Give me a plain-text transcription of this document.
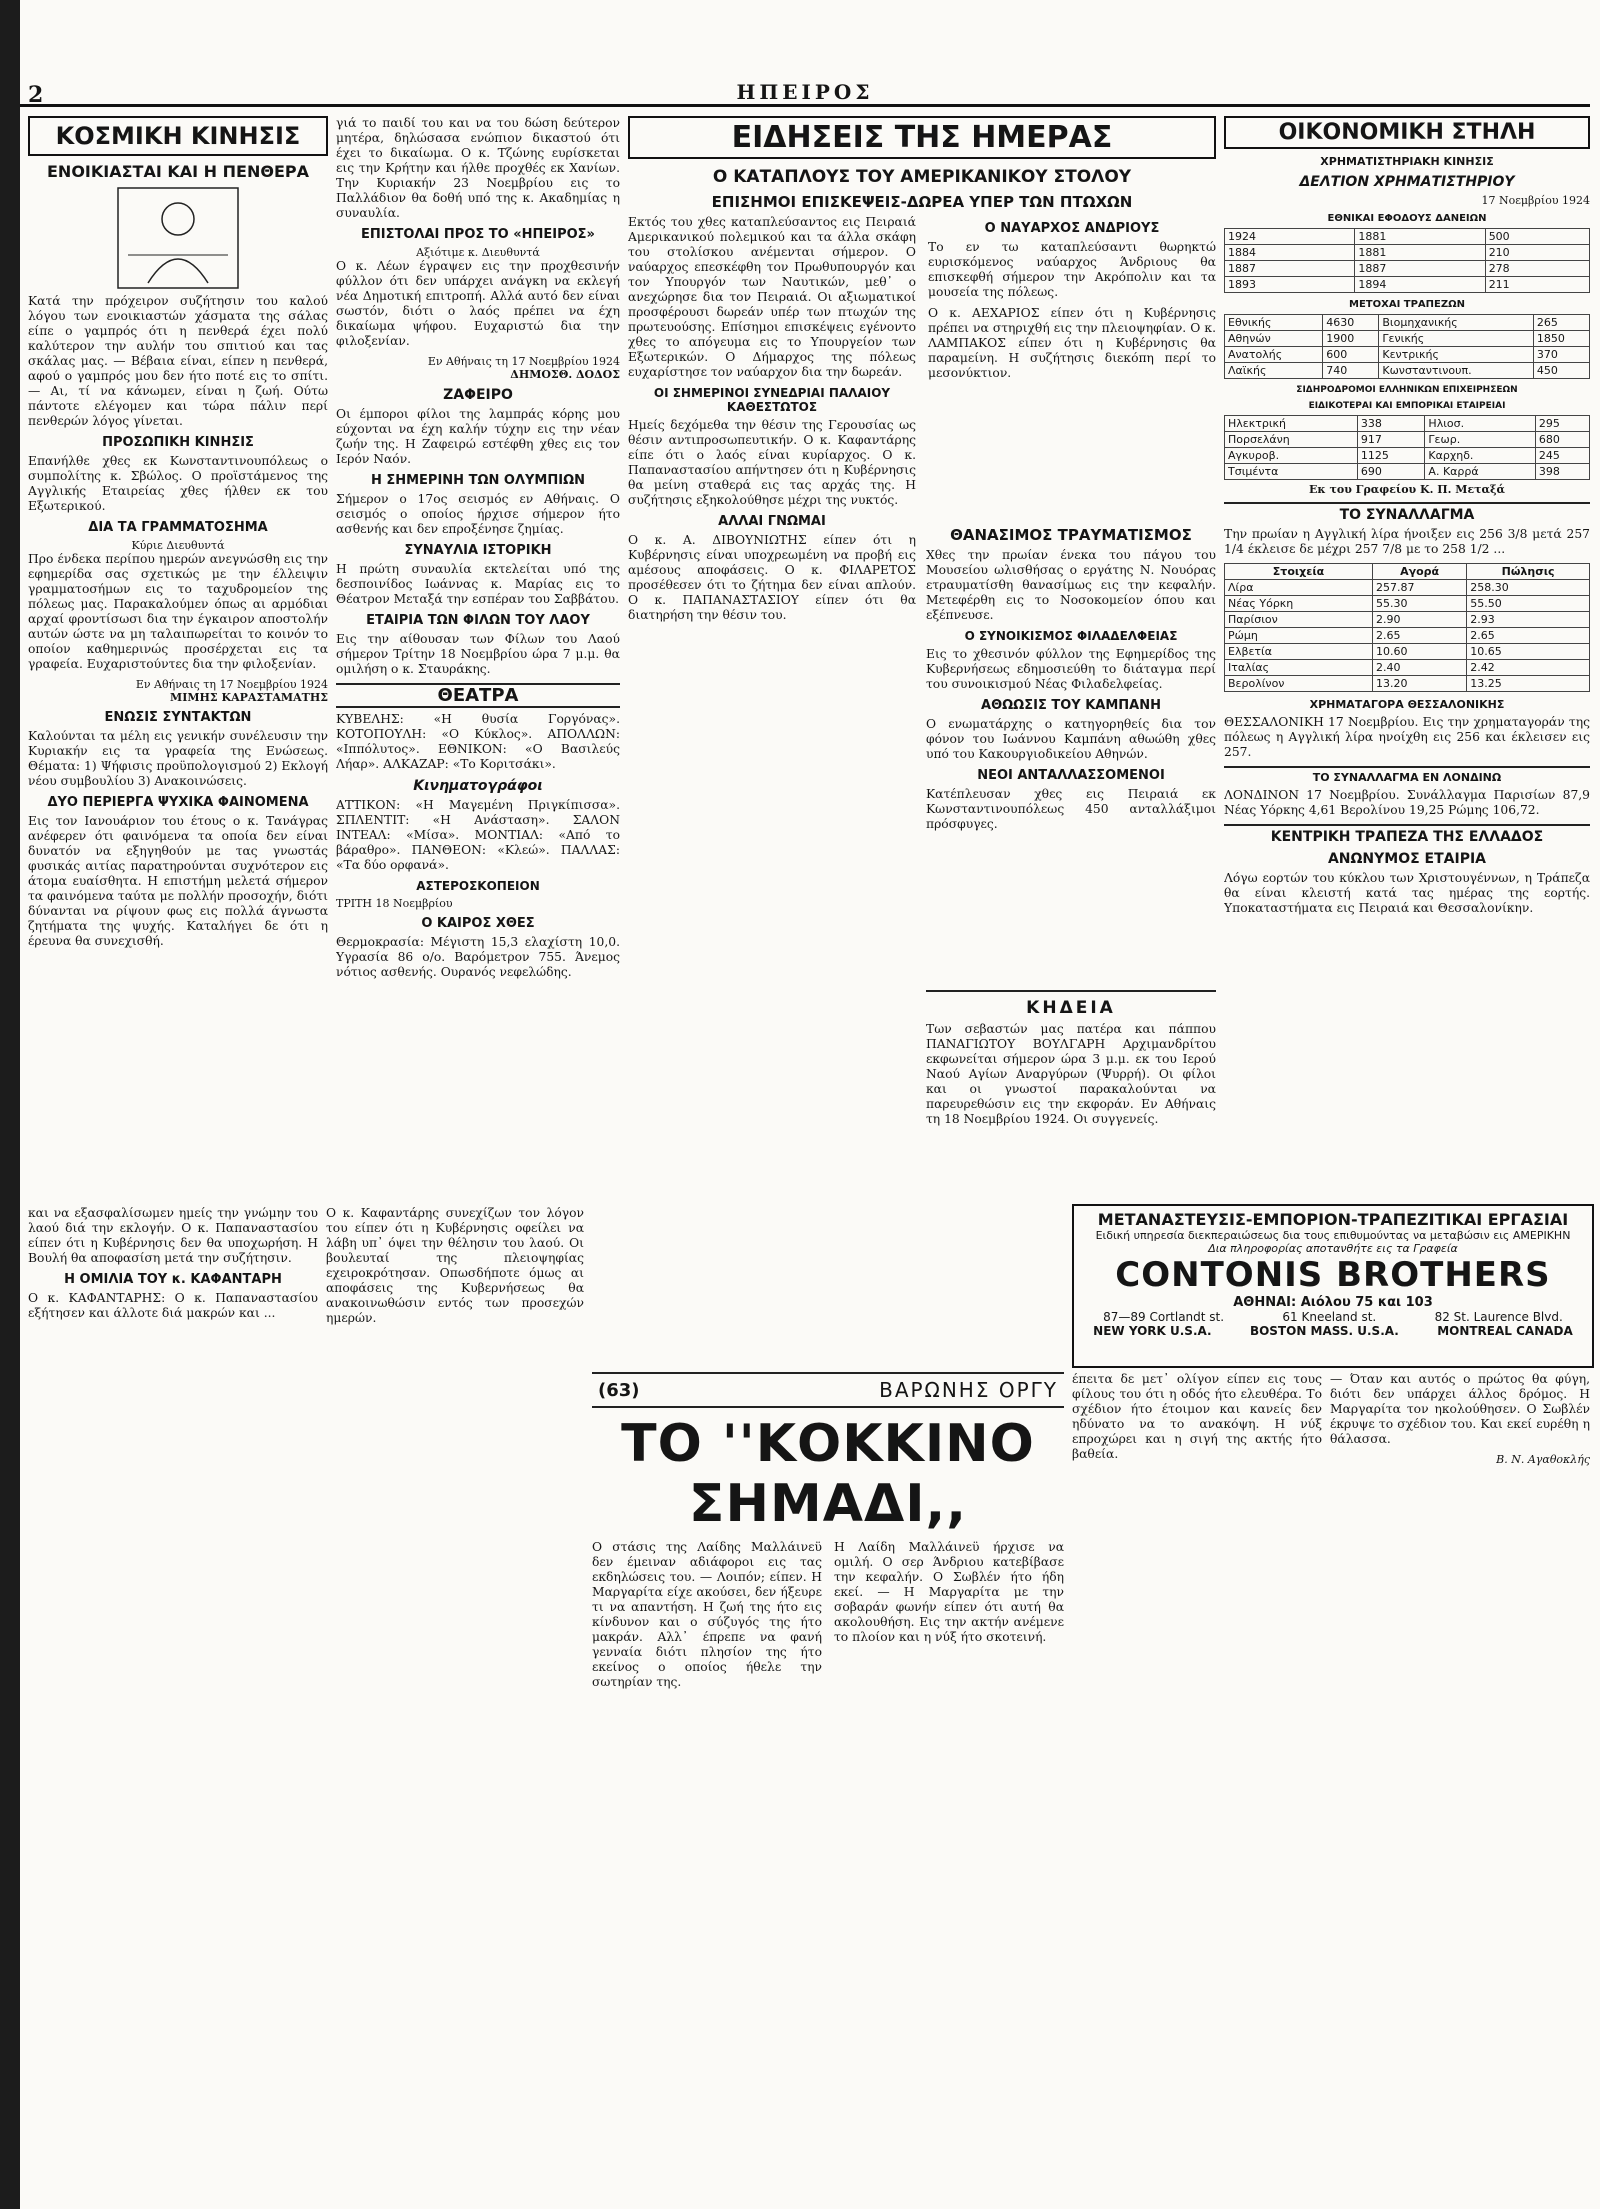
2	ΗΠΕΙΡΟΣ
ΚΟΣΜΙΚΗ ΚΙΝΗΣΙΣ
ΕΝΟΙΚΙΑΣΤΑΙ ΚΑΙ Η ΠΕΝΘΕΡΑ

Κατά την πρόχειρον συζήτησιν του καλού λόγου των ενοικιαστών χάσματα της σάλας είπε ο γαμπρός ότι η πενθερά έχει πολύ καλύτερον την αυλήν του σπιτιού και τας σκάλας μας. — Βέβαια είναι, είπεν η πενθερά, αφού ο γαμπρός μου δεν ήτο ποτέ εις το σπίτι. — Αι, τί να κάνωμεν, είναι η ζωή. Ούτω πάντοτε ελέγομεν και τώρα πάλιν περί πενθερών λόγος γίνεται.

ΠΡΟΣΩΠΙΚΗ ΚΙΝΗΣΙΣ

Επανήλθε χθες εκ Κωνσταντινουπόλεως ο συμπολίτης κ. Σβώλος. Ο προϊστάμενος της Αγγλικής Εταιρείας χθες ήλθεν εκ του Εξωτερικού.

ΔΙΑ ΤΑ ΓΡΑΜΜΑΤΟΣΗΜΑ
Κύριε Διευθυντά

Προ ένδεκα περίπου ημερών ανεγνώσθη εις την εφημερίδα σας σχετικώς με την έλλειψιν γραμματοσήμων εις το ταχυδρομείον της πόλεως μας. Παρακαλούμεν όπως αι αρμόδιαι αρχαί φροντίσωσι δια την έγκαιρον αποστολήν αυτών ώστε να μη ταλαιπωρείται το κοινόν το οποίον καθημερινώς προσέρχεται εις τα γραφεία. Ευχαριστούντες δια την φιλοξενίαν.

Εν Αθήναις τη 17 Νοεμβρίου 1924
ΜΙΜΗΣ ΚΑΡΑΣΤΑΜΑΤΗΣ
ΕΝΩΣΙΣ ΣΥΝΤΑΚΤΩΝ

Καλούνται τα μέλη εις γενικήν συνέλευσιν την Κυριακήν εις τα γραφεία της Ενώσεως. Θέματα: 1) Ψήφισις προϋπολογισμού 2) Εκλογή νέου συμβουλίου 3) Ανακοινώσεις.

ΔΥΟ ΠΕΡΙΕΡΓΑ ΨΥΧΙΚΑ ΦΑΙΝΟΜΕΝΑ

Εις τον Ιανουάριον του έτους ο κ. Τανάγρας ανέφερεν ότι φαινόμενα τα οποία δεν είναι δυνατόν να εξηγηθούν με τας γνωστάς φυσικάς αιτίας παρατηρούνται συχνότερον εις άτομα ευαίσθητα. Η επιστήμη μελετά σήμερον τα φαινόμενα ταύτα με πολλήν προσοχήν, διότι δύνανται να ρίψουν φως εις πολλά άγνωστα ζητήματα της ψυχής. Καταλήγει δε ότι η έρευνα θα συνεχισθή.

γιά το παιδί του και να του δώση δεύτερον μητέρα, δηλώσασα ενώπιον δικαστού ότι έχει το δικαίωμα. Ο κ. Τζώνης ευρίσκεται εις την Κρήτην και ήλθε προχθές εκ Χανίων. Την Κυριακήν 23 Νοεμβρίου εις το Παλλάδιον θα δοθή υπό της κ. Ακαδημίας η συναυλία.

ΕΠΙΣΤΟΛΑΙ ΠΡΟΣ ΤΟ «ΗΠΕΙΡΟΣ»
Αξιότιμε κ. Διευθυντά

Ο κ. Λέων έγραψεν εις την προχθεσινήν φύλλον ότι δεν υπάρχει ανάγκη να εκλεγή νέα Δημοτική επιτροπή. Αλλά αυτό δεν είναι σωστόν, διότι ο λαός πρέπει να έχη δικαίωμα ψήφου. Ευχαριστώ δια την φιλοξενίαν.

Εν Αθήναις τη 17 Νοεμβρίου 1924
ΔΗΜΟΣΘ. ΔΟΔΟΣ
ΖΑΦΕΙΡΟ

Οι έμποροι φίλοι της λαμπράς κόρης μου εύχονται να έχη καλήν τύχην εις την νέαν ζωήν της. Η Ζαφειρώ εστέφθη χθες εις τον Ιερόν Ναόν.

Η ΣΗΜΕΡΙΝΗ ΤΩΝ ΟΛΥΜΠΙΩΝ

Σήμερον ο 17ος σεισμός εν Αθήναις. Ο σεισμός ο οποίος ήρχισε σήμερον ήτο ασθενής και δεν επροξένησε ζημίας.

ΣΥΝΑΥΛΙΑ ΙΣΤΟΡΙΚΗ

Η πρώτη συναυλία εκτελείται υπό της δεσποινίδος Ιωάννας κ. Μαρίας εις το Θέατρον Μεταξά την εσπέραν του Σαββάτου.

ΕΤΑΙΡΙΑ ΤΩΝ ΦΙΛΩΝ ΤΟΥ ΛΑΟΥ

Εις την αίθουσαν των Φίλων του Λαού σήμερον Τρίτην 18 Νοεμβρίου ώρα 7 μ.μ. θα ομιλήση ο κ. Σταυράκης.

ΘΕΑΤΡΑ

ΚΥΒΕΛΗΣ: «Η θυσία Γοργόνας». ΚΟΤΟΠΟΥΛΗ: «Ο Κύκλος». ΑΠΟΛΛΩΝ: «Ιππόλυτος». ΕΘΝΙΚΟΝ: «Ο Βασιλεύς Λήαρ». ΑΛΚΑΖΑΡ: «Το Κοριτσάκι».

Κινηματογράφοι

ΑΤΤΙΚΟΝ: «Η Μαγεμένη Πριγκίπισσα». ΣΠΛΕΝΤΙΤ: «Η Ανάσταση». ΣΑΛΟΝ ΙΝΤΕΑΛ: «Μίσα». ΜΟΝΤΙΑΛ: «Από το βάραθρο». ΠΑΝΘΕΟΝ: «Κλεώ». ΠΑΛΛΑΣ: «Τα δύο ορφανά».

ΑΣΤΕΡΟΣΚΟΠΕΙΟΝ
ΤΡΙΤΗ 18 Νοεμβρίου
Ο ΚΑΙΡΟΣ ΧΘΕΣ

Θερμοκρασία: Μέγιστη 15,3 ελαχίστη 10,0. Υγρασία 86 ο/ο. Βαρόμετρον 755. Άνεμος νότιος ασθενής. Ουρανός νεφελώδης.

ΕΙΔΗΣΕΙΣ ΤΗΣ ΗΜΕΡΑΣ
Ο ΚΑΤΑΠΛΟΥΣ ΤΟΥ ΑΜΕΡΙΚΑΝΙΚΟΥ ΣΤΟΛΟΥ
ΕΠΙΣΗΜΟΙ ΕΠΙΣΚΕΨΕΙΣ-ΔΩΡΕΑ ΥΠΕΡ ΤΩΝ ΠΤΩΧΩΝ

Εκτός του χθες καταπλεύσαντος εις Πειραιά Αμερικανικού πολεμικού και τα άλλα σκάφη του στολίσκου ανέμενται σήμερον. Ο ναύαρχος επεσκέφθη τον Πρωθυπουργόν και τον Υπουργόν των Ναυτικών, μεθ᾽ ο ανεχώρησε δια τον Πειραιά. Οι αξιωματικοί προσφέρουσι δωρεάν υπέρ των πτωχών της πρωτευούσης. Επίσημοι επισκέψεις εγένοντο χθες το απόγευμα εις το Υπουργείον των Εξωτερικών. Ο Δήμαρχος της πόλεως ευχαρίστησε τον ναύαρχον δια την δωρεάν.

ΟΙ ΣΗΜΕΡΙΝΟΙ ΣΥΝΕΔΡΙΑΙ ΠΑΛΑΙΟΥ ΚΑΘΕΣΤΩΤΟΣ

Ημείς δεχόμεθα την θέσιν της Γερουσίας ως θέσιν αντιπροσωπευτικήν. Ο κ. Καφαντάρης είπε ότι ο λαός είναι κυρίαρχος. Ο κ. Παπαναστασίου απήντησεν ότι η Κυβέρνησις θα μείνη σταθερά εις τας αρχάς της. Η συζήτησις εξηκολούθησε μέχρι της νυκτός.

ΑΛΛΑΙ ΓΝΩΜΑΙ

Ο κ. Α. ΔΙΒΟΥΝΙΩΤΗΣ είπεν ότι η Κυβέρνησις είναι υποχρεωμένη να προβή εις αμέσους αποφάσεις. Ο κ. ΦΙΛΑΡΕΤΟΣ προσέθεσεν ότι το ζήτημα δεν είναι απλούν. Ο κ. ΠΑΠΑΝΑΣΤΑΣΙΟΥ είπεν ότι θα διατηρήση την θέσιν του.

Ο ΝΑΥΑΡΧΟΣ ΑΝΔΡΙΟΥΣ

Το εν τω καταπλεύσαντι θωρηκτώ ευρισκόμενος ναύαρχος Άνδριους θα επισκεφθή σήμερον την Ακρόπολιν και τα μουσεία της πόλεως.

Ο κ. ΑΕΧΑΡΙΟΣ είπεν ότι η Κυβέρνησις πρέπει να στηριχθή εις την πλειοψηφίαν. Ο κ. ΛΑΜΠΑΚΟΣ είπεν ότι η Κυβέρνησις θα παραμείνη. Η συζήτησις διεκόπη περί το μεσονύκτιον.

ΘΑΝΑΣΙΜΟΣ ΤΡΑΥΜΑΤΙΣΜΟΣ

Χθες την πρωίαν ένεκα του πάγου του Μουσείου ωλισθήσας ο εργάτης Ν. Νουόρας ετραυματίσθη θανασίμως εις την κεφαλήν. Μετεφέρθη εις το Νοσοκομείον όπου και εξέπνευσε.

Ο ΣΥΝΟΙΚΙΣΜΟΣ ΦΙΛΑΔΕΛΦΕΙΑΣ

Εις το χθεσινόν φύλλον της Εφημερίδος της Κυβερνήσεως εδημοσιεύθη το διάταγμα περί του συνοικισμού Νέας Φιλαδελφείας.

ΑΘΩΩΣΙΣ ΤΟΥ ΚΑΜΠΑΝΗ

Ο ενωματάρχης ο κατηγορηθείς δια τον φόνον του Ιωάννου Καμπάνη αθωώθη χθες υπό του Κακουργιοδικείου Αθηνών.

ΝΕΟΙ ΑΝΤΑΛΛΑΣΣΟΜΕΝΟΙ

Κατέπλευσαν χθες εις Πειραιά εκ Κωνσταντινουπόλεως 450 ανταλλάξιμοι πρόσφυγες.

ΚΗΔΕΙΑ

Των σεβαστών μας πατέρα και πάππου ΠΑΝΑΓΙΩΤΟΥ ΒΟΥΛΓΑΡΗ Αρχιμανδρίτου εκφωνείται σήμερον ώρα 3 μ.μ. εκ του Ιερού Ναού Αγίων Αναργύρων (Ψυρρή). Οι φίλοι και οι γνωστοί παρακαλούνται να παρευρεθώσιν εις την εκφοράν. Εν Αθήναις τη 18 Νοεμβρίου 1924. Οι συγγενείς.

ΟΙΚΟΝΟΜΙΚΗ ΣΤΗΛΗ
ΧΡΗΜΑΤΙΣΤΗΡΙΑΚΗ ΚΙΝΗΣΙΣ
ΔΕΛΤΙΟΝ ΧΡΗΜΑΤΙΣΤΗΡΙΟΥ
17 Νοεμβρίου 1924
ΕΘΝΙΚΑΙ ΕΦΟΔΟΥΣ ΔΑΝΕΙΩΝ
1924	1881	500
1884	1881	210
1887	1887	278
1893	1894	211
ΜΕΤΟΧΑΙ ΤΡΑΠΕΖΩΝ
Εθνικής	4630	Βιομηχανικής	265
Αθηνών	1900	Γενικής	1850
Ανατολής	600	Κεντρικής	370
Λαϊκής	740	Κωνσταντινουπ.	450
ΣΙΔΗΡΟΔΡΟΜΟΙ ΕΛΛΗΝΙΚΩΝ ΕΠΙΧΕΙΡΗΣΕΩΝ
ΕΙΔΙΚΟΤΕΡΑΙ ΚΑΙ ΕΜΠΟΡΙΚΑΙ ΕΤΑΙΡΕΙΑΙ
Ηλεκτρική	338	Ηλιοσ.	295
Πορσελάνη	917	Γεωρ.	680
Αγκυροβ.	1125	Καρχηδ.	245
Τσιμέντα	690	Α. Καρρά	398
Εκ του Γραφείου Κ. Π. Μεταξά
ΤΟ ΣΥΝΑΛΛΑΓΜΑ

Την πρωίαν η Αγγλική λίρα ήνοιξεν εις 256 3/8 μετά 257 1/4 έκλεισε δε μέχρι 257 7/8 με το 258 1/2 ...

Στοιχεία	Αγορά	Πώλησις
Λίρα	257.87	258.30
Νέας Υόρκη	55.30	55.50
Παρίσιον	2.90	2.93
Ρώμη	2.65	2.65
Ελβετία	10.60	10.65
Ιταλίας	2.40	2.42
Βερολίνον	13.20	13.25
ΧΡΗΜΑΤΑΓΟΡΑ ΘΕΣΣΑΛΟΝΙΚΗΣ

ΘΕΣΣΑΛΟΝΙΚΗ 17 Νοεμβρίου. Εις την χρηματαγοράν της πόλεως η Αγγλική λίρα ηνοίχθη εις 256 και έκλεισεν εις 257.

ΤΟ ΣΥΝΑΛΛΑΓΜΑ ΕΝ ΛΟΝΔΙΝΩ

ΛΟΝΔΙΝΟΝ 17 Νοεμβρίου. Συνάλλαγμα Παρισίων 87,9 Νέας Υόρκης 4,61 Βερολίνου 19,25 Ρώμης 106,72.

ΚΕΝΤΡΙΚΗ ΤΡΑΠΕΖΑ ΤΗΣ ΕΛΛΑΔΟΣ
ΑΝΩΝΥΜΟΣ ΕΤΑΙΡΙΑ

Λόγω εορτών του κύκλου των Χριστουγέννων, η Τράπεζα θα είναι κλειστή κατά τας ημέρας της εορτής. Υποκαταστήματα εις Πειραιά και Θεσσαλονίκην.

ΜΕΤΑΝΑΣΤΕΥΣΙΣ-ΕΜΠΟΡΙΟΝ-ΤΡΑΠΕΖΙΤΙΚΑΙ ΕΡΓΑΣΙΑΙ
Ειδική υπηρεσία διεκπεραιώσεως δια τους επιθυμούντας να μεταβώσιν εις ΑΜΕΡΙΚΗΝ
Δια πληροφορίας αποτανθήτε εις τα Γραφεία
CONTONIS BROTHERS
ΑΘΗΝΑΙ: Αιόλου 75 και 103
87—89 Cortlandt st.	61 Kneeland st.	82 St. Laurence Blvd.
NEW YORK U.S.A.	BOSTON MASS. U.S.A.	MONTREAL CANADA
(63)	ΒΑΡΩΝΗΣ ΟΡΓΥ
ΤΟ ''ΚΟΚΚΙΝΟ ΣΗΜΑΔΙ,,

Ο στάσις της Λαίδης Μαλλάινεϋ δεν έμειναν αδιάφοροι εις τας εκδηλώσεις του. — Λοιπόν; είπεν. Η Μαργαρίτα είχε ακούσει, δεν ήξευρε τι να απαντήση. Η ζωή της ήτο εις κίνδυνον και ο σύζυγός της ήτο μακράν. Αλλ᾽ έπρεπε να φανή γενναία διότι πλησίον της ήτο εκείνος ο οποίος ήθελε την σωτηρίαν της.

Η Λαίδη Μαλλάινεϋ ήρχισε να ομιλή. Ο σερ Άνδριου κατεβίβασε την κεφαλήν. Ο Σωβλέν ήτο ήδη εκεί. — Η Μαργαρίτα με την σοβαράν φωνήν είπεν ότι αυτή θα ακολουθήση. Εις την ακτήν ανέμενε το πλοίον και η νύξ ήτο σκοτεινή.

και να εξασφαλίσωμεν ημείς την γνώμην του λαού διά την εκλογήν. Ο κ. Παπαναστασίου είπεν ότι η Κυβέρνησις δεν θα υποχωρήση. Η Βουλή θα αποφασίση μετά την συζήτησιν.

Η ΟΜΙΛΙΑ ΤΟΥ κ. ΚΑΦΑΝΤΑΡΗ

Ο κ. ΚΑΦΑΝΤΑΡΗΣ: Ο κ. Παπαναστασίου εξήτησεν και άλλοτε διά μακρών και ...

Ο κ. Καφαντάρης συνεχίζων τον λόγον του είπεν ότι η Κυβέρνησις οφείλει να λάβη υπ᾽ όψει την θέλησιν του λαού. Οι βουλευταί της πλειοψηφίας εχειροκρότησαν. Οπωσδήποτε όμως αι αποφάσεις της Κυβερνήσεως θα ανακοινωθώσιν εντός των προσεχών ημερών.

έπειτα δε μετ᾽ ολίγον είπεν εις τους φίλους του ότι η οδός ήτο ελευθέρα. Το σχέδιον ήτο έτοιμον και κανείς δεν ηδύνατο να το ανακόψη. Η νύξ επροχώρει και η σιγή της ακτής ήτο βαθεία.

— Όταν και αυτός ο πρώτος θα φύγη, διότι δεν υπάρχει άλλος δρόμος. Η Μαργαρίτα τον ηκολούθησεν. Ο Σωβλέν έκρυψε το σχέδιον του. Και εκεί ευρέθη η θάλασσα.

Β. Ν. Αγαθοκλής
